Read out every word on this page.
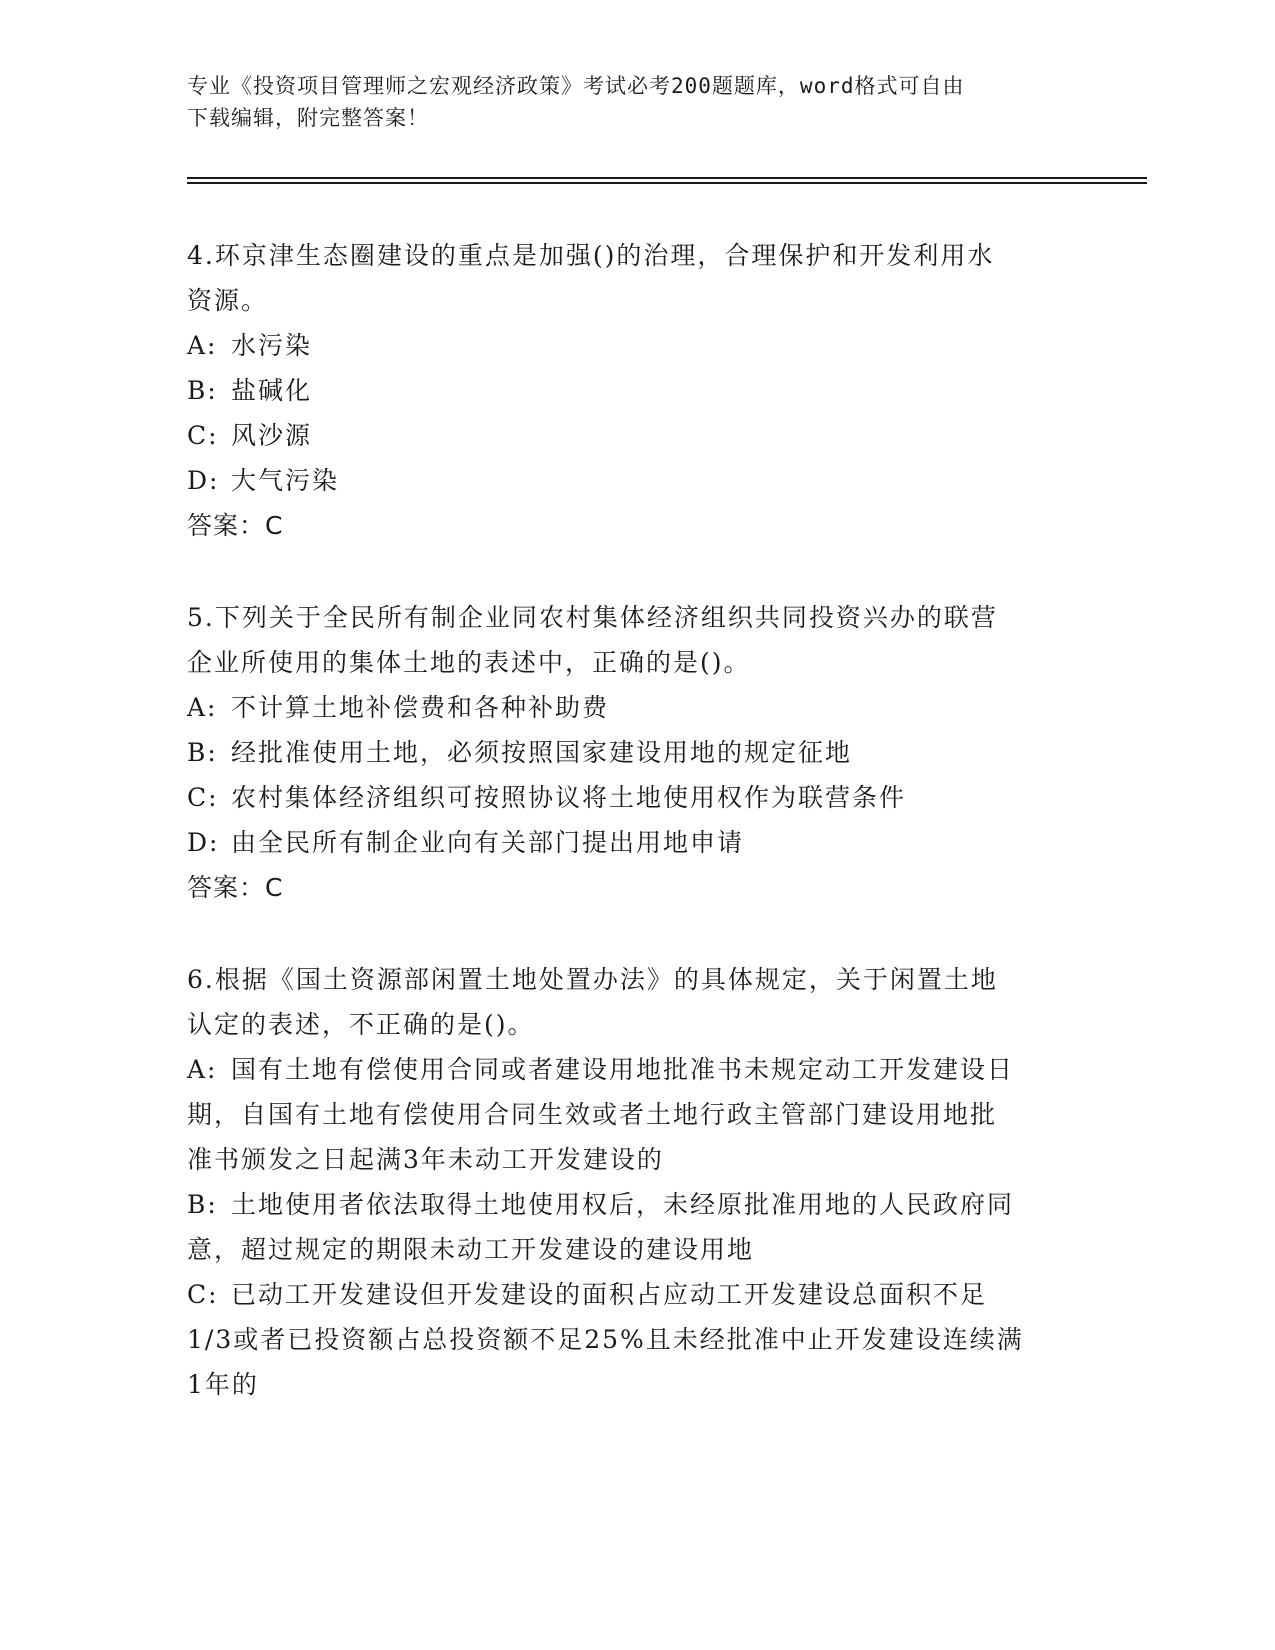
专业《投资项目管理师之宏观经济政策》考试必考200题题库，word格式可自由
下载编辑，附完整答案！
4.环京津生态圈建设的重点是加强()的治理，合理保护和开发利用水
资源。
A: 水污染
B: 盐碱化
C: 风沙源
D: 大气污染
答案：C
5.下列关于全民所有制企业同农村集体经济组织共同投资兴办的联营
企业所使用的集体土地的表述中，正确的是()。
A: 不计算土地补偿费和各种补助费
B: 经批准使用土地，必须按照国家建设用地的规定征地
C: 农村集体经济组织可按照协议将土地使用权作为联营条件
D: 由全民所有制企业向有关部门提出用地申请
答案：C
6.根据《国土资源部闲置土地处置办法》的具体规定，关于闲置土地
认定的表述，不正确的是()。
A: 国有土地有偿使用合同或者建设用地批准书未规定动工开发建设日
期，自国有土地有偿使用合同生效或者土地行政主管部门建设用地批
准书颁发之日起满3年未动工开发建设的
B: 土地使用者依法取得土地使用权后，未经原批准用地的人民政府同
意，超过规定的期限未动工开发建设的建设用地
C: 已动工开发建设但开发建设的面积占应动工开发建设总面积不足
1/3或者已投资额占总投资额不足25%且未经批准中止开发建设连续满
1年的
